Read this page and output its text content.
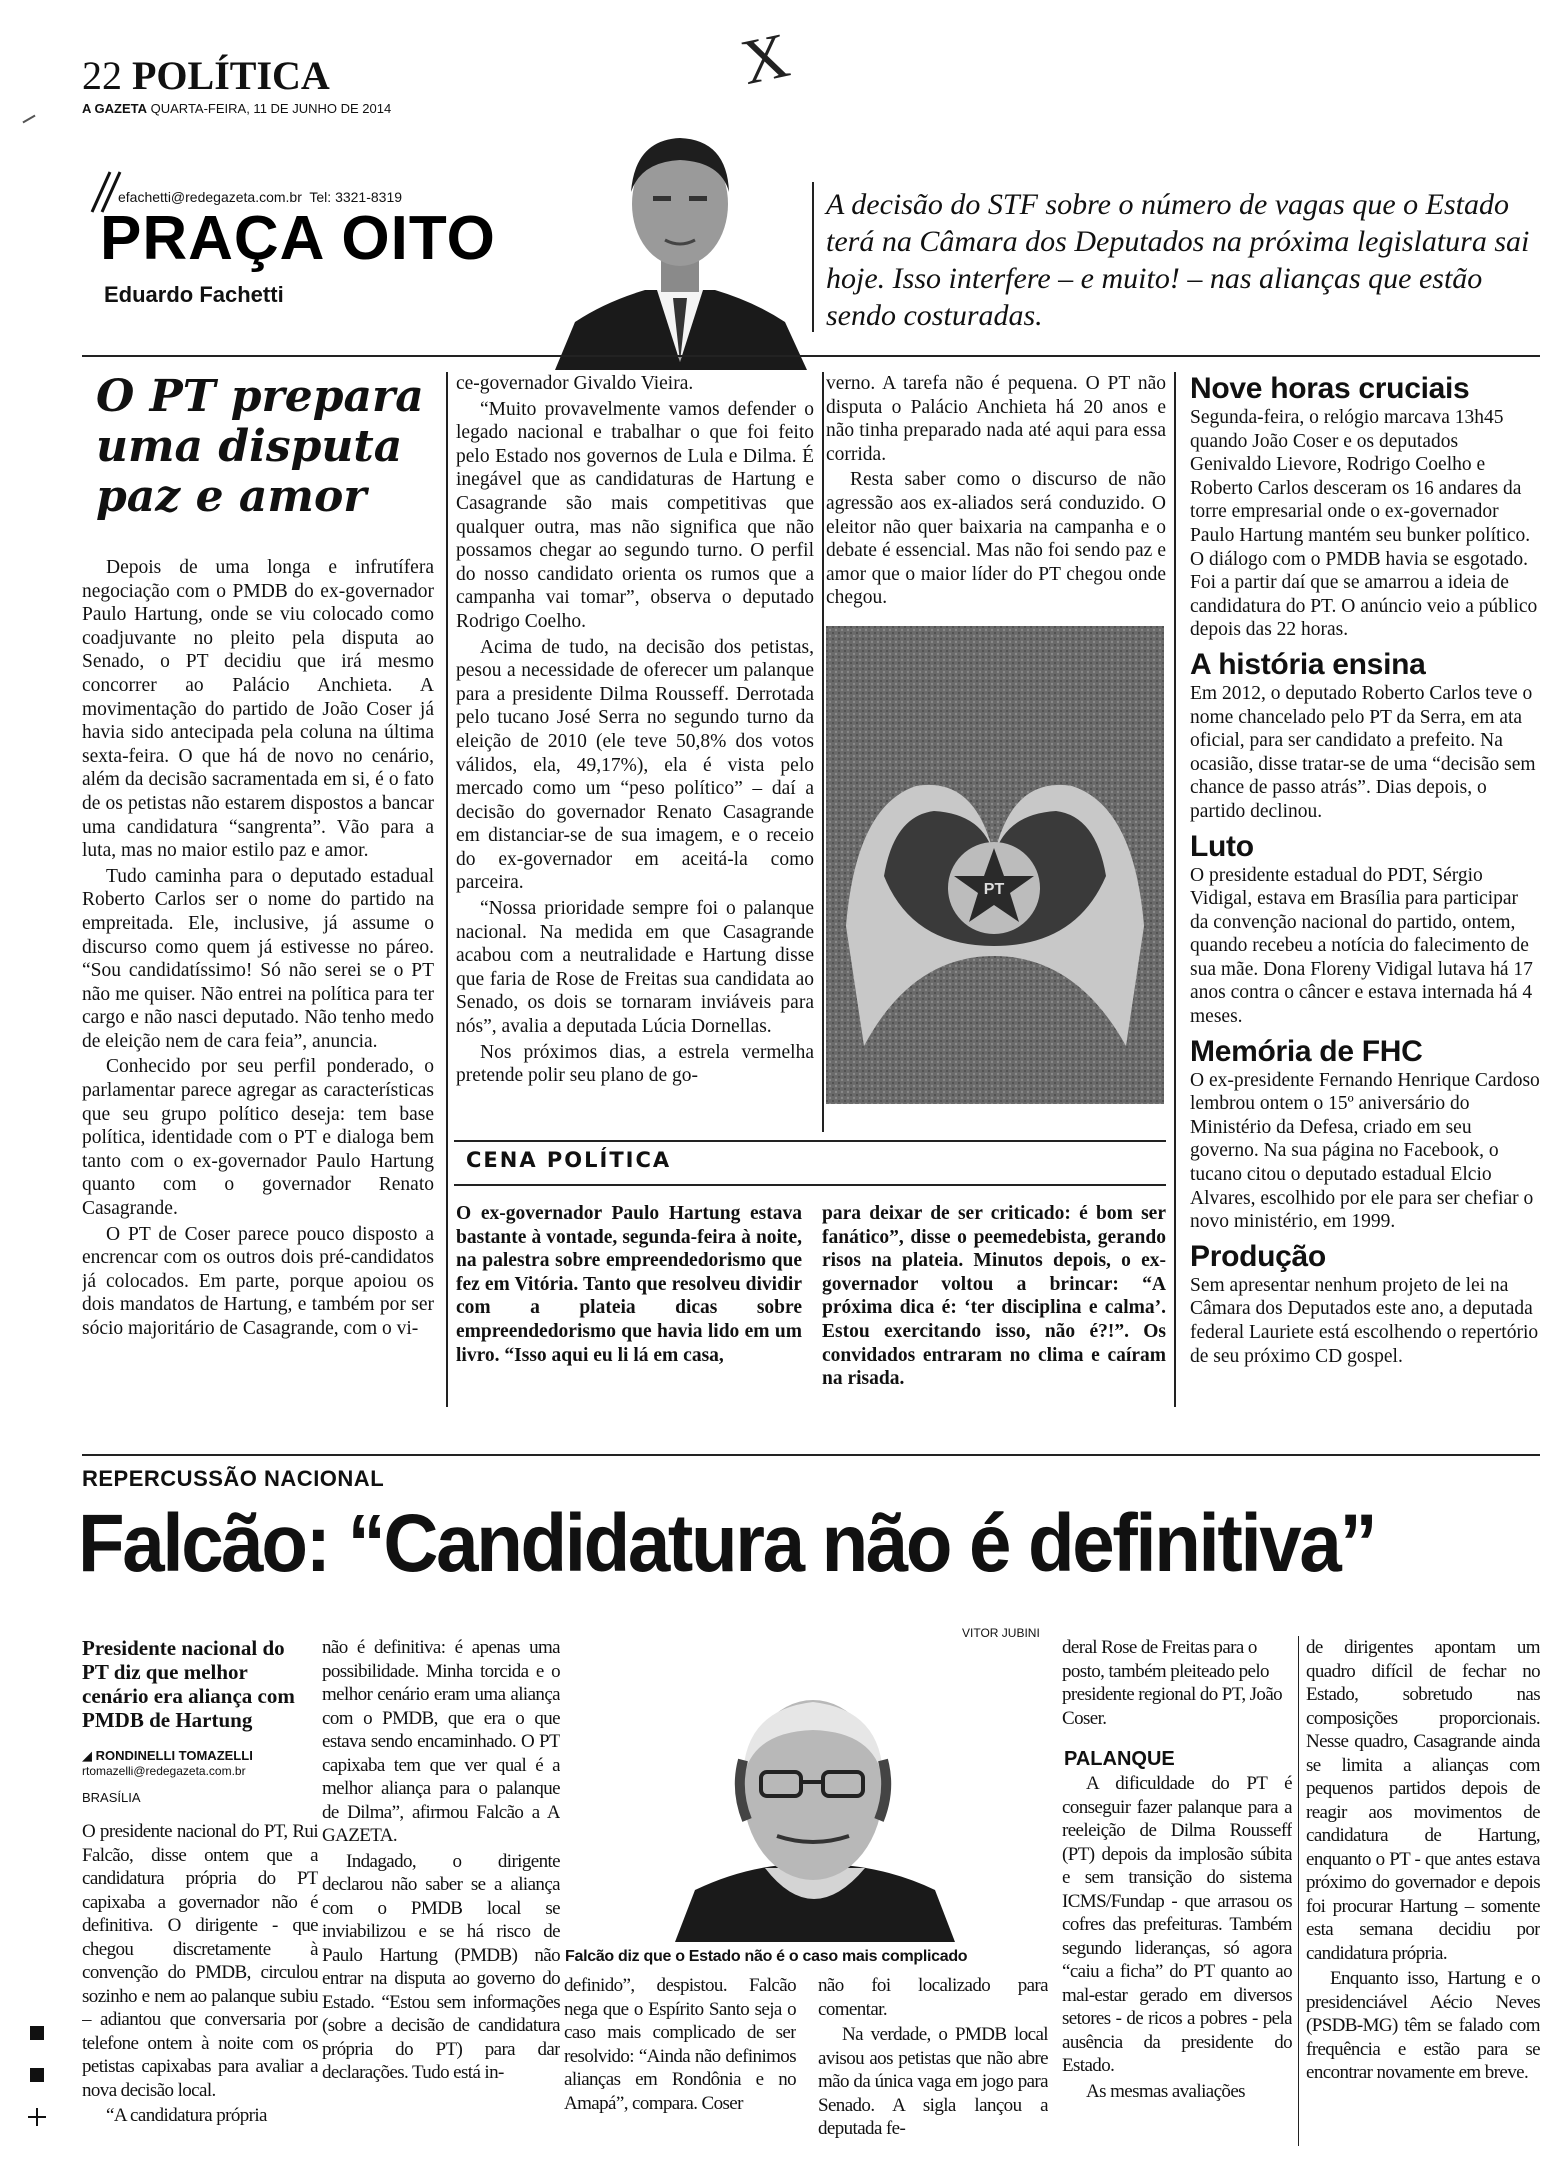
22 POLÍTICA
A GAZETA QUARTA-FEIRA, 11 DE JUNHO DE 2014
X
efachetti@redegazeta.com.br  Tel: 3321-8319
PRAÇA OITO
Eduardo Fachetti
A decisão do STF sobre o número de vagas que o Estado terá na Câmara dos Deputados na próxima legislatura sai hoje. Isso interfere – e muito! – nas alianças que estão sendo costuradas.
O PT prepara
uma disputa
paz e amor

Depois de uma longa e infrutífera negociação com o PMDB do ex-governador Paulo Hartung, onde se viu colocado como coadjuvante no pleito pela disputa ao Senado, o PT decidiu que irá mesmo concorrer ao Palácio Anchieta. A movimentação do partido de João Coser já havia sido antecipada pela coluna na última sexta-feira. O que há de novo no cenário, além da decisão sacramentada em si, é o fato de os petistas não estarem dispostos a bancar uma candidatura “sangrenta”. Vão para a luta, mas no maior estilo paz e amor.

Tudo caminha para o deputado estadual Roberto Carlos ser o nome do partido na empreitada. Ele, inclusive, já assume o discurso como quem já estivesse no páreo. “Sou candidatíssimo! Só não serei se o PT não me quiser. Não entrei na política para ter cargo e não nasci deputado. Não tenho medo de eleição nem de cara feia”, anuncia.

Conhecido por seu perfil ponderado, o parlamentar parece agregar as características que seu grupo político deseja: tem base política, identidade com o PT e dialoga bem tanto com o ex-governador Paulo Hartung quanto com o governador Renato Casagrande.

O PT de Coser parece pouco disposto a encrencar com os outros dois pré-candidatos já colocados. Em parte, porque apoiou os dois mandatos de Hartung, e também por ser sócio majoritário de Casagrande, com o vi-

ce-governador Givaldo Vieira.

“Muito provavelmente vamos defender o legado nacional e trabalhar o que foi feito pelo Estado nos governos de Lula e Dilma. É inegável que as candidaturas de Hartung e Casagrande são mais competitivas que qualquer outra, mas não significa que não possamos chegar ao segundo turno. O perfil do nosso candidato orienta os rumos que a campanha vai tomar”, observa o deputado Rodrigo Coelho.

Acima de tudo, na decisão dos petistas, pesou a necessidade de oferecer um palanque para a presidente Dilma Rousseff. Derrotada pelo tucano José Serra no segundo turno da eleição de 2010 (ele teve 50,8% dos votos válidos, ela, 49,17%), ela é vista pelo mercado como um “peso político” – daí a decisão do governador Renato Casagrande em distanciar-se de sua imagem, e o receio do ex-governador em aceitá-la como parceira.

“Nossa prioridade sempre foi o palanque nacional. Na medida em que Casagrande acabou com a neutralidade e Hartung disse que faria de Rose de Freitas sua candidata ao Senado, os dois se tornaram inviáveis para nós”, avalia a deputada Lúcia Dornellas.

Nos próximos dias, a estrela vermelha pretende polir seu plano de go-

verno. A tarefa não é pequena. O PT não disputa o Palácio Anchieta há 20 anos e não tinha preparado nada até aqui para essa corrida.

Resta saber como o discurso de não agressão aos ex-aliados será conduzido. O eleitor não quer baixaria na campanha e o debate é essencial. Mas não foi sendo paz e amor que o maior líder do PT chegou onde chegou.

PT
CENA POLÍTICA
O ex-governador Paulo Hartung estava bastante à vontade, segunda-feira à noite, na palestra sobre empreendedorismo que fez em Vitória. Tanto que resolveu dividir com a plateia dicas sobre empreendedorismo que havia lido em um livro. “Isso aqui eu li lá em casa,
para deixar de ser criticado: é bom ser fanático”, disse o peemedebista, gerando risos na plateia. Minutos depois, o ex-governador voltou a brincar: “A próxima dica é: ‘ter disciplina e calma’. Estou exercitando isso, não é?!”. Os convidados entraram no clima e caíram na risada.
Nove horas cruciais

Segunda-feira, o relógio marcava 13h45 quando João Coser e os deputados Genivaldo Lievore, Rodrigo Coelho e Roberto Carlos desceram os 16 andares da torre empresarial onde o ex-governador Paulo Hartung mantém seu bunker político. O diálogo com o PMDB havia se esgotado. Foi a partir daí que se amarrou a ideia de candidatura do PT. O anúncio veio a público depois das 22 horas.

A história ensina

Em 2012, o deputado Roberto Carlos teve o nome chancelado pelo PT da Serra, em ata oficial, para ser candidato a prefeito. Na ocasião, disse tratar-se de uma “decisão sem chance de passo atrás”. Dias depois, o partido declinou.

Luto

O presidente estadual do PDT, Sérgio Vidigal, estava em Brasília para participar da convenção nacional do partido, ontem, quando recebeu a notícia do falecimento de sua mãe. Dona Floreny Vidigal lutava há 17 anos contra o câncer e estava internada há 4 meses.

Memória de FHC

O ex-presidente Fernando Henrique Cardoso lembrou ontem o 15º aniversário do Ministério da Defesa, criado em seu governo. Na sua página no Facebook, o tucano citou o deputado estadual Elcio Alvares, escolhido por ele para ser chefiar o novo ministério, em 1999.

Produção

Sem apresentar nenhum projeto de lei na Câmara dos Deputados este ano, a deputada federal Lauriete está escolhendo o repertório de seu próximo CD gospel.

REPERCUSSÃO NACIONAL
Falcão: “Candidatura não é definitiva”
Presidente nacional do PT diz que melhor cenário era aliança com PMDB de Hartung
◢ RONDINELLI TOMAZELLI
rtomazelli@redegazeta.com.br
BRASÍLIA

O presidente nacional do PT, Rui Falcão, disse ontem que a candidatura própria do PT capixaba a governador não é definitiva. O dirigente - que chegou discretamente à convenção do PMDB, circulou sozinho e nem ao palanque subiu – adiantou que conversaria por telefone ontem à noite com os petistas capixabas para avaliar a nova decisão local.

“A candidatura própria

não é definitiva: é apenas uma possibilidade. Minha torcida e o melhor cenário eram uma aliança com o PMDB, que era o que estava sendo encaminhado. O PT capixaba tem que ver qual é a melhor aliança para o palanque de Dilma”, afirmou Falcão a A GAZETA.

Indagado, o dirigente declarou não saber se a aliança com o PMDB local se inviabilizou e se há risco de Paulo Hartung (PMDB) não entrar na disputa ao governo do Estado. “Estou sem informações (sobre a decisão de candidatura própria do PT) para dar declarações. Tudo está in-

VITOR JUBINI
Falcão diz que o Estado não é o caso mais complicado
definido”, despistou. Falcão nega que o Espírito Santo seja o caso mais complicado de ser resolvido: “Ainda não definimos alianças em Rondônia e no Amapá”, compara. Coser
deral Rose de Freitas para o posto, também pleiteado pelo presidente regional do PT, João Coser.
PALANQUE

A dificuldade do PT é conseguir fazer palanque para a reeleição de Dilma Rousseff (PT) depois da implosão súbita e sem transição do sistema ICMS/Fundap - que arrasou os cofres das prefeituras. Também segundo lideranças, só agora “caiu a ficha” do PT quanto ao mal-estar gerado em diversos setores - de ricos a pobres - pela ausência da presidente do Estado.

As mesmas avaliações

não foi localizado para comentar.

Na verdade, o PMDB local avisou aos petistas que não abre mão da única vaga em jogo para Senado. A sigla lançou a deputada fe-

de dirigentes apontam um quadro difícil de fechar no Estado, sobretudo nas composições proporcionais. Nesse quadro, Casagrande ainda se limita a alianças com pequenos partidos depois de reagir aos movimentos de candidatura de Hartung, enquanto o PT - que antes estava próximo do governador e depois foi procurar Hartung – somente esta semana decidiu por candidatura própria.

Enquanto isso, Hartung e o presidenciável Aécio Neves (PSDB-MG) têm se falado com frequência e estão para se encontrar novamente em breve.
